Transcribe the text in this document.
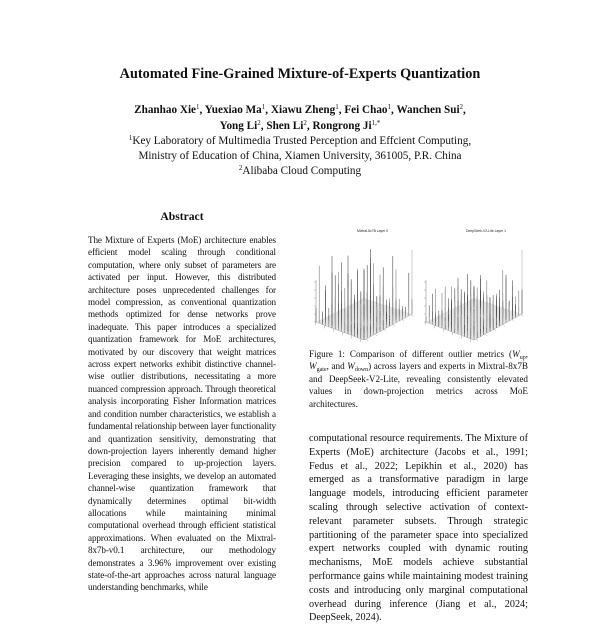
Automated Fine-Grained Mixture-of-Experts Quantization
Zhanhao Xie$^1$, Yuexiao Ma$^1$, Xiawu Zheng$^1$, Fei Chao$^1$, Wanchen Sui$^2$,
Yong Li$^2$, Shen Li$^2$, Rongrong $Ji^{1,*}$
$^1$Key Laboratory of Multimedia Trusted Perception and Effcient Computing,
Ministry of Education of China, Xiamen University, 361005, P.R. China
$^2$Alibaba Cloud Computing
Abstract

The Mixture of Experts (MoE) architecture enables efficient model scaling through conditional computation, where only subset of parameters are activated per input. However, this distributed architecture poses unprecedented challenges for model compression, as conventional quantization methods optimized for dense networks prove inadequate. This paper introduces a specialized quantization framework for MoE architectures, motivated by our discovery that weight matrices across expert networks exhibit distinctive channel-wise outlier distributions, necessitating a more nuanced compression approach. Through theoretical analysis incorporating Fisher Information matrices and condition number characteristics, we establish a fundamental relationship between layer functionality and quantization sensitivity, demonstrating that down-projection layers inherently demand higher precision compared to up-projection layers. Leveraging these insights, we develop an automated channel-wise quantization framework that dynamically determines optimal bit-width allocations while maintaining minimal computational overhead through efficient statistical approximations. When evaluated on the Mixtral-8x7b-v0.1 architecture, our methodology demonstrates a 3.96% improvement over existing state-of-the-art approaches across natural language understanding benchmarks, while

Mixtral-8x7B Layer 0	DeepSeek-V2-Lite Layer 1

Figure 1: Comparison of different outlier metrics ($W_{up}$, $W_{gate}$, and $W_{down}$) across layers and experts in Mixtral-8x7B and DeepSeek-V2-Lite, revealing consistently elevated values in down-projection metrics across MoE architectures.

computational resource requirements. The Mixture of Experts (MoE) architecture (Jacobs et al., 1991; Fedus et al., 2022; Lepikhin et al., 2020) has emerged as a transformative paradigm in large language models, introducing efficient parameter scaling through selective activation of context-relevant parameter subsets. Through strategic partitioning of the parameter space into specialized expert networks coupled with dynamic routing mechanisms, MoE models achieve substantial performance gains while maintaining modest training costs and introducing only marginal computational overhead during inference (Jiang et al., 2024; DeepSeek, 2024).
